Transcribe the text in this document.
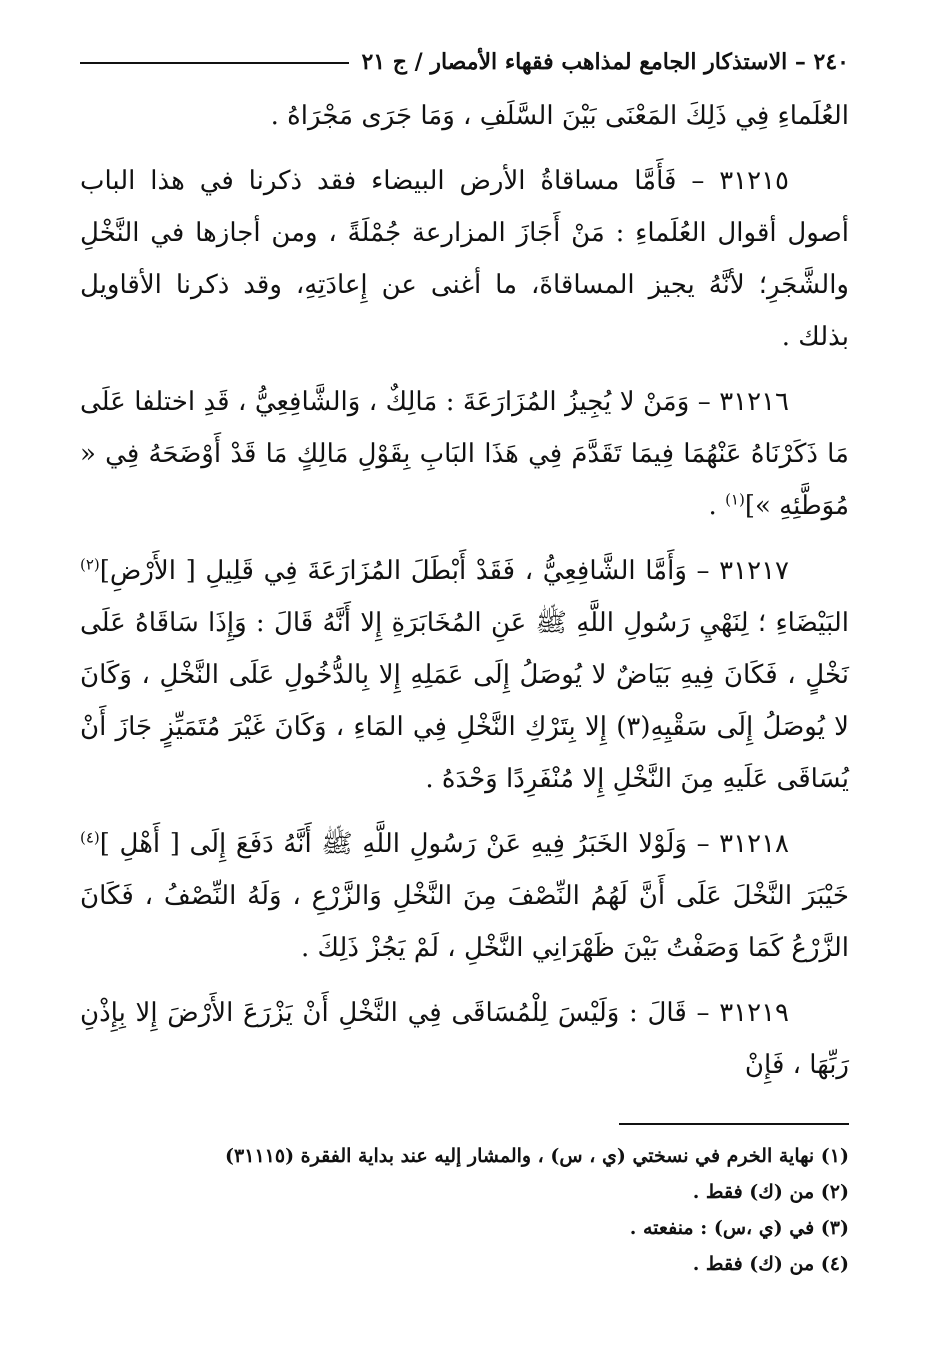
٢٤٠ – الاستذكار الجامع لمذاهب فقهاء الأمصار / ج ٢١

العُلَماءِ فِي ذَلِكَ المَعْنَى بَيْنَ السَّلَفِ ، وَمَا جَرَى مَجْرَاهُ .

٣١٢١٥ – فَأَمَّا مساقاةُ الأرض البيضاء فقد ذكرنا في هذا الباب أصول أقوال العُلَماءِ : مَنْ أَجَازَ المزارعة جُمْلَةً ، ومن أجازها في النَّخْلِ والشَّجَرِ؛ لأنَّهُ يجيز المساقاةَ، ما أغنى عن إِعادَتِهِ، وقد ذكرنا الأقاويل بذلك .

٣١٢١٦ – وَمَنْ لا يُجِيزُ المُزَارَعَةَ : مَالِكٌ ، وَالشَّافِعِيُّ ، قَدِ اختلفا عَلَى مَا ذَكَرْنَاهُ عَنْهُمَا فِيمَا تَقَدَّمَ فِي هَذَا البَابِ بِقَوْلِ مَالِكٍ مَا قَدْ أَوْضَحَهُ فِي « مُوَطَّئِهِ »]$^{(١)}$ .

٣١٢١٧ – وَأَمَّا الشَّافِعِيُّ ، فَقَدْ أَبْطَلَ المُزَارَعَةَ فِي قَلِيلِ [ الأَرْضِ]$^{(٢)}$ البَيْضَاءِ ؛ لِنَهْيِ رَسُولِ اللَّهِ ﷺ عَنِ المُخَابَرَةِ إِلا أَنَّهُ قَالَ : وَإِذَا سَاقَاهُ عَلَى نَخْلٍ ، فَكَانَ فِيهِ بَيَاضٌ لا يُوصَلُ إِلَى عَمَلِهِ إِلا بِالدُّخُولِ عَلَى النَّخْلِ ، وَكَانَ لا يُوصَلُ إِلَى سَقْيِهِ(٣) إِلا بِتَرْكِ النَّخْلِ فِي المَاءِ ، وَكَانَ غَيْرَ مُتَمَيِّزٍ جَازَ أَنْ يُسَاقَى عَلَيهِ مِنَ النَّخْلِ إِلا مُنْفَرِدًا وَحْدَهُ .

٣١٢١٨ – وَلَوْلا الخَبَرُ فِيهِ عَنْ رَسُولِ اللَّهِ ﷺ أَنَّهُ دَفَعَ إِلَى [ أَهْلِ ]$^{(٤)}$ خَيْبَرَ النَّخْلَ عَلَى أَنَّ لَهُمُ النِّصْفَ مِنَ النَّخْلِ وَالزَّرْعِ ، وَلَهُ النِّصْفُ ، فَكَانَ الزَّرْعُ كَمَا وَصَفْتُ بَيْنَ ظَهْرَانِي النَّخْلِ ، لَمْ يَجُزْ ذَلِكَ .

٣١٢١٩ – قَالَ : وَلَيْسَ لِلْمُسَاقَى فِي النَّخْلِ أَنْ يَزْرَعَ الأَرْضَ إِلا بِإِذْنِ رَبِّهَا ، فَإِنْ

(١) نهاية الخرم في نسختي (ي ، س) ، والمشار إليه عند بداية الفقرة (٣١١١٥)

(٢) من (ك) فقط .

(٣) في (ي ،س) : منفعته .

(٤) من (ك) فقط .
